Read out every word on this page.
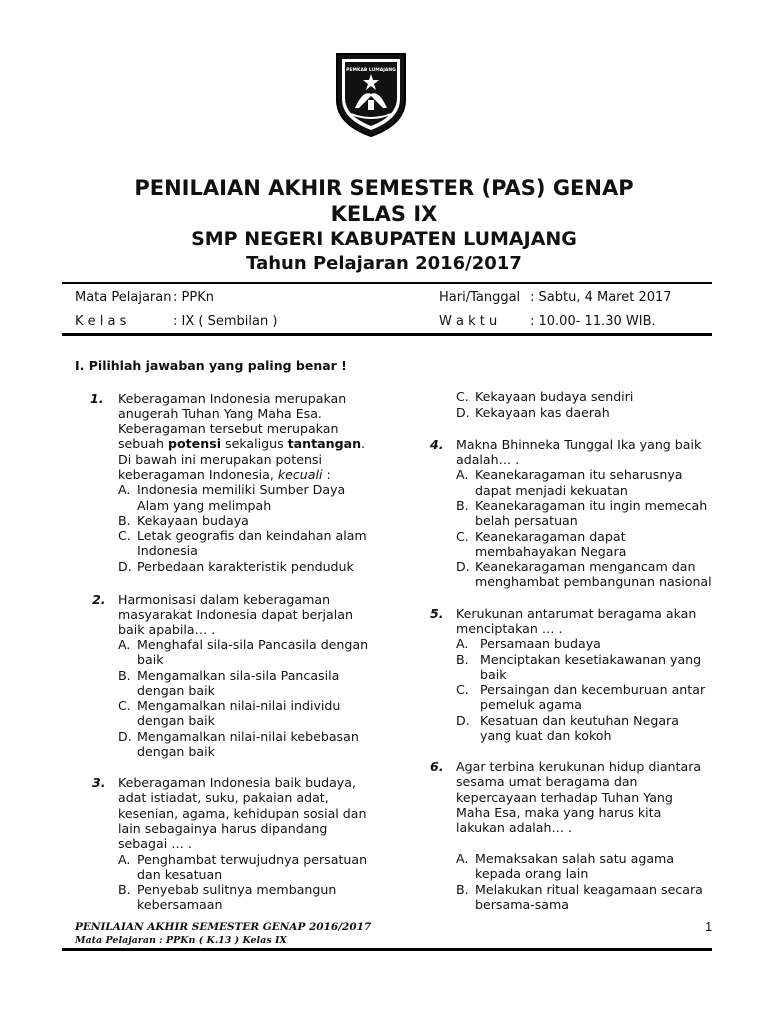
PEMKAB LUMAJANG
PENILAIAN AKHIR SEMESTER (PAS) GENAP
KELAS IX
SMP NEGERI KABUPATEN LUMAJANG
Tahun Pelajaran 2016/2017
Mata Pelajaran : PPKn	Hari/Tanggal : Sabtu, 4 Maret 2017
K e l a s	: IX ( Sembilan )	W a k t u	: 10.00- 11.30 WIB.
I. Pilihlah jawaban yang paling benar !
1. Keberagaman Indonesia merupakan
anugerah Tuhan Yang Maha Esa.
Keberagaman tersebut merupakan
sebuah potensi sekaligus tantangan.
Di bawah ini merupakan potensi
keberagaman Indonesia, kecuali :
A. Indonesia memiliki Sumber Daya
Alam yang melimpah
B. Kekayaan budaya
C. Letak geografis dan keindahan alam
Indonesia
D. Perbedaan karakteristik penduduk
2. Harmonisasi dalam keberagaman
masyarakat Indonesia dapat berjalan
baik apabila… .
A. Menghafal sila-sila Pancasila dengan
baik
B. Mengamalkan sila-sila Pancasila
dengan baik
C. Mengamalkan nilai-nilai individu
dengan baik
D. Mengamalkan nilai-nilai kebebasan
dengan baik
3. Keberagaman Indonesia baik budaya,
adat istiadat, suku, pakaian adat,
kesenian, agama, kehidupan sosial dan
lain sebagainya harus dipandang
sebagai … .
A. Penghambat terwujudnya persatuan
dan kesatuan
B. Penyebab sulitnya membangun
kebersamaan
C. Kekayaan budaya sendiri
D. Kekayaan kas daerah
4. Makna Bhinneka Tunggal Ika yang baik
adalah… .
A. Keanekaragaman itu seharusnya
dapat menjadi kekuatan
B. Keanekaragaman itu ingin memecah
belah persatuan
C. Keanekaragaman dapat
membahayakan Negara
D. Keanekaragaman mengancam dan
menghambat pembangunan nasional
5. Kerukunan antarumat beragama akan
menciptakan … .
A. Persamaan budaya
B. Menciptakan kesetiakawanan yang
baik
C. Persaingan dan kecemburuan antar
pemeluk agama
D. Kesatuan dan keutuhan Negara
yang kuat dan kokoh
6. Agar terbina kerukunan hidup diantara
sesama umat beragama dan
kepercayaan terhadap Tuhan Yang
Maha Esa, maka yang harus kita
lakukan adalah… .
A. Memaksakan salah satu agama
kepada orang lain
B. Melakukan ritual keagamaan secara
bersama-sama
PENILAIAN AKHIR SEMESTER GENAP 2016/2017	1
Mata Pelajaran : PPKn ( K.13 ) Kelas IX
